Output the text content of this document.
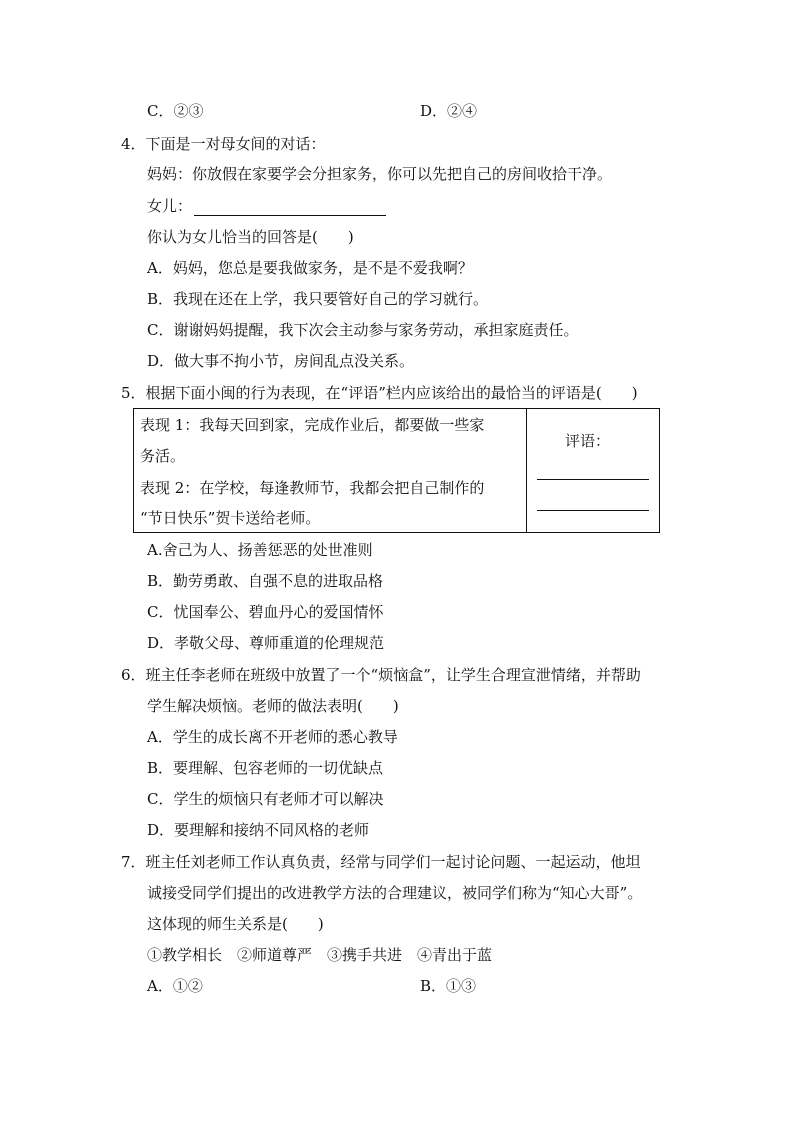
C．②③	D．②④
4．下面是一对母女间的对话：
妈妈：你放假在家要学会分担家务，你可以先把自己的房间收拾干净。
女儿：
你认为女儿恰当的回答是(　　)
A．妈妈，您总是要我做家务，是不是不爱我啊？
B．我现在还在上学，我只要管好自己的学习就行。
C．谢谢妈妈提醒，我下次会主动参与家务劳动，承担家庭责任。
D．做大事不拘小节，房间乱点没关系。
5．根据下面小闽的行为表现，在“评语”栏内应该给出的最恰当的评语是(　　)
表现 1：我每天回到家，完成作业后，都要做一些家
务活。
表现 2：在学校，每逢教师节，我都会把自己制作的
“节日快乐”贺卡送给老师。
评语：
A.舍己为人、扬善惩恶的处世准则
B．勤劳勇敢、自强不息的进取品格
C．忧国奉公、碧血丹心的爱国情怀
D．孝敬父母、尊师重道的伦理规范
6．班主任李老师在班级中放置了一个“烦恼盒”，让学生合理宣泄情绪，并帮助
学生解决烦恼。老师的做法表明(　　)
A．学生的成长离不开老师的悉心教导
B．要理解、包容老师的一切优缺点
C．学生的烦恼只有老师才可以解决
D．要理解和接纳不同风格的老师
7．班主任刘老师工作认真负责，经常与同学们一起讨论问题、一起运动，他坦
诚接受同学们提出的改进教学方法的合理建议，被同学们称为“知心大哥”。
这体现的师生关系是(　　)
①教学相长　②师道尊严　③携手共进　④青出于蓝
A．①②	B．①③
